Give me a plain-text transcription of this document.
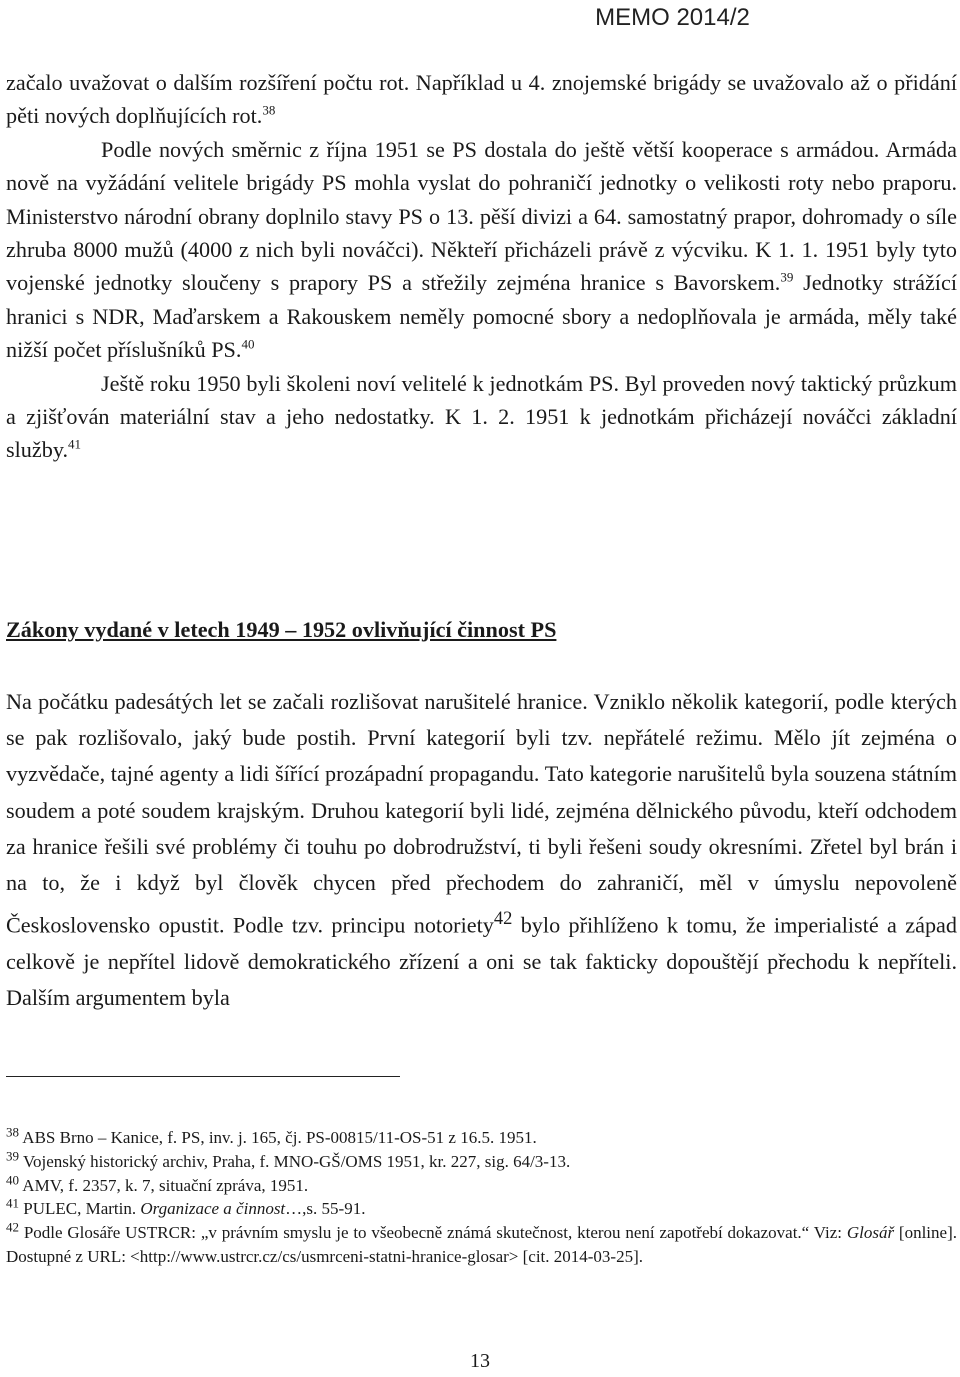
MEMO 2014/2

začalo uvažovat o dalším rozšíření počtu rot. Například u 4. znojemské brigády se uvažovalo až o přidání pěti nových doplňujících rot.$^{38}$

Podle nových směrnic z října 1951 se PS dostala do ještě větší kooperace s armádou. Armáda nově na vyžádání velitele brigády PS mohla vyslat do pohraničí jednotky o velikosti roty nebo praporu. Ministerstvo národní obrany doplnilo stavy PS o 13. pěší divizi a 64. samostatný prapor, dohromady o síle zhruba 8000 mužů (4000 z nich byli nováčci). Někteří přicházeli právě z výcviku. K 1. 1. 1951 byly tyto vojenské jednotky sloučeny s prapory PS a střežily zejména hranice s Bavorskem.$^{39}$ Jednotky strážící hranici s NDR, Maďarskem a Rakouskem neměly pomocné sbory a nedoplňovala je armáda, měly také nižší počet příslušníků PS.$^{40}$

Ještě roku 1950 byli školeni noví velitelé k jednotkám PS. Byl proveden nový taktický průzkum a zjišťován materiální stav a jeho nedostatky. K 1. 2. 1951 k jednotkám přicházejí nováčci základní služby.$^{41}$

Zákony vydané v letech 1949 – 1952 ovlivňující činnost PS

Na počátku padesátých let se začali rozlišovat narušitelé hranice. Vzniklo několik kategorií, podle kterých se pak rozlišovalo, jaký bude postih. První kategorií byli tzv. nepřátelé režimu. Mělo jít zejména o vyzvědače, tajné agenty a lidi šířící prozápadní propagandu. Tato kategorie narušitelů byla souzena státním soudem a poté soudem krajským. Druhou kategorií byli lidé, zejména dělnického původu, kteří odchodem za hranice řešili své problémy či touhu po dobrodružství, ti byli řešeni soudy okresními. Zřetel byl brán i na to, že i když byl člověk chycen před přechodem do zahraničí, měl v úmyslu nepovoleně Československo opustit. Podle tzv. principu notoriety$^{42}$ bylo přihlíženo k tomu, že imperialisté a západ celkově je nepřítel lidově demokratického zřízení a oni se tak fakticky dopouštějí přechodu k nepříteli. Dalším argumentem byla

$^{38}$ ABS Brno – Kanice, f. PS, inv. j. 165, čj. PS-00815/11-OS-51 z 16.5. 1951.

$^{39}$ Vojenský historický archiv, Praha, f. MNO-GŠ/OMS 1951, kr. 227, sig. 64/3-13.

$^{40}$ AMV, f. 2357, k. 7, situační zpráva, 1951.

$^{41}$ PULEC, Martin. Organizace a činnost…,s. 55-91.

$^{42}$ Podle Glosáře USTRCR: „v právním smyslu je to všeobecně známá skutečnost, kterou není zapotřebí dokazovat.“ Viz: Glosář [online]. Dostupné z URL: <http://www.ustrcr.cz/cs/usmrceni-statni-hranice-glosar> [cit. 2014-03-25].

13
